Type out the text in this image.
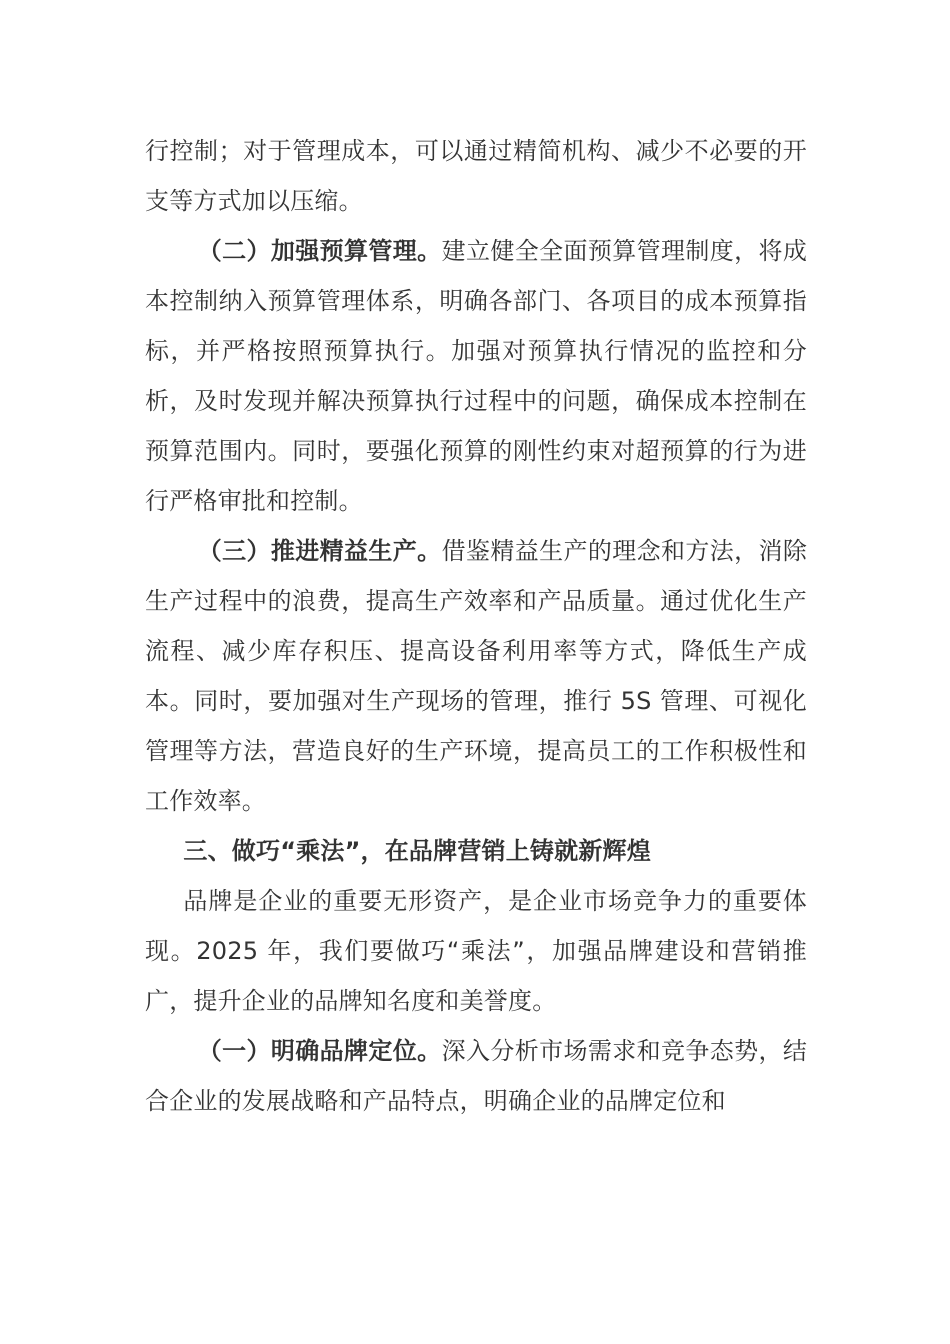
行控制；对于管理成本，可以通过精简机构、减少不必要的开支等方式加以压缩。

（二）加强预算管理。建立健全全面预算管理制度，将成本控制纳入预算管理体系，明确各部门、各项目的成本预算指标，并严格按照预算执行。加强对预算执行情况的监控和分析，及时发现并解决预算执行过程中的问题，确保成本控制在预算范围内。同时，要强化预算的刚性约束对超预算的行为进行严格审批和控制。

（三）推进精益生产。借鉴精益生产的理念和方法，消除生产过程中的浪费，提高生产效率和产品质量。通过优化生产流程、减少库存积压、提高设备利用率等方式，降低生产成本。同时，要加强对生产现场的管理，推行 5S 管理、可视化管理等方法，营造良好的生产环境，提高员工的工作积极性和工作效率。

三、做巧“乘法”，在品牌营销上铸就新辉煌

品牌是企业的重要无形资产，是企业市场竞争力的重要体现。2025 年，我们要做巧“乘法”，加强品牌建设和营销推广，提升企业的品牌知名度和美誉度。

（一）明确品牌定位。深入分析市场需求和竞争态势，结合企业的发展战略和产品特点，明确企业的品牌定位和
